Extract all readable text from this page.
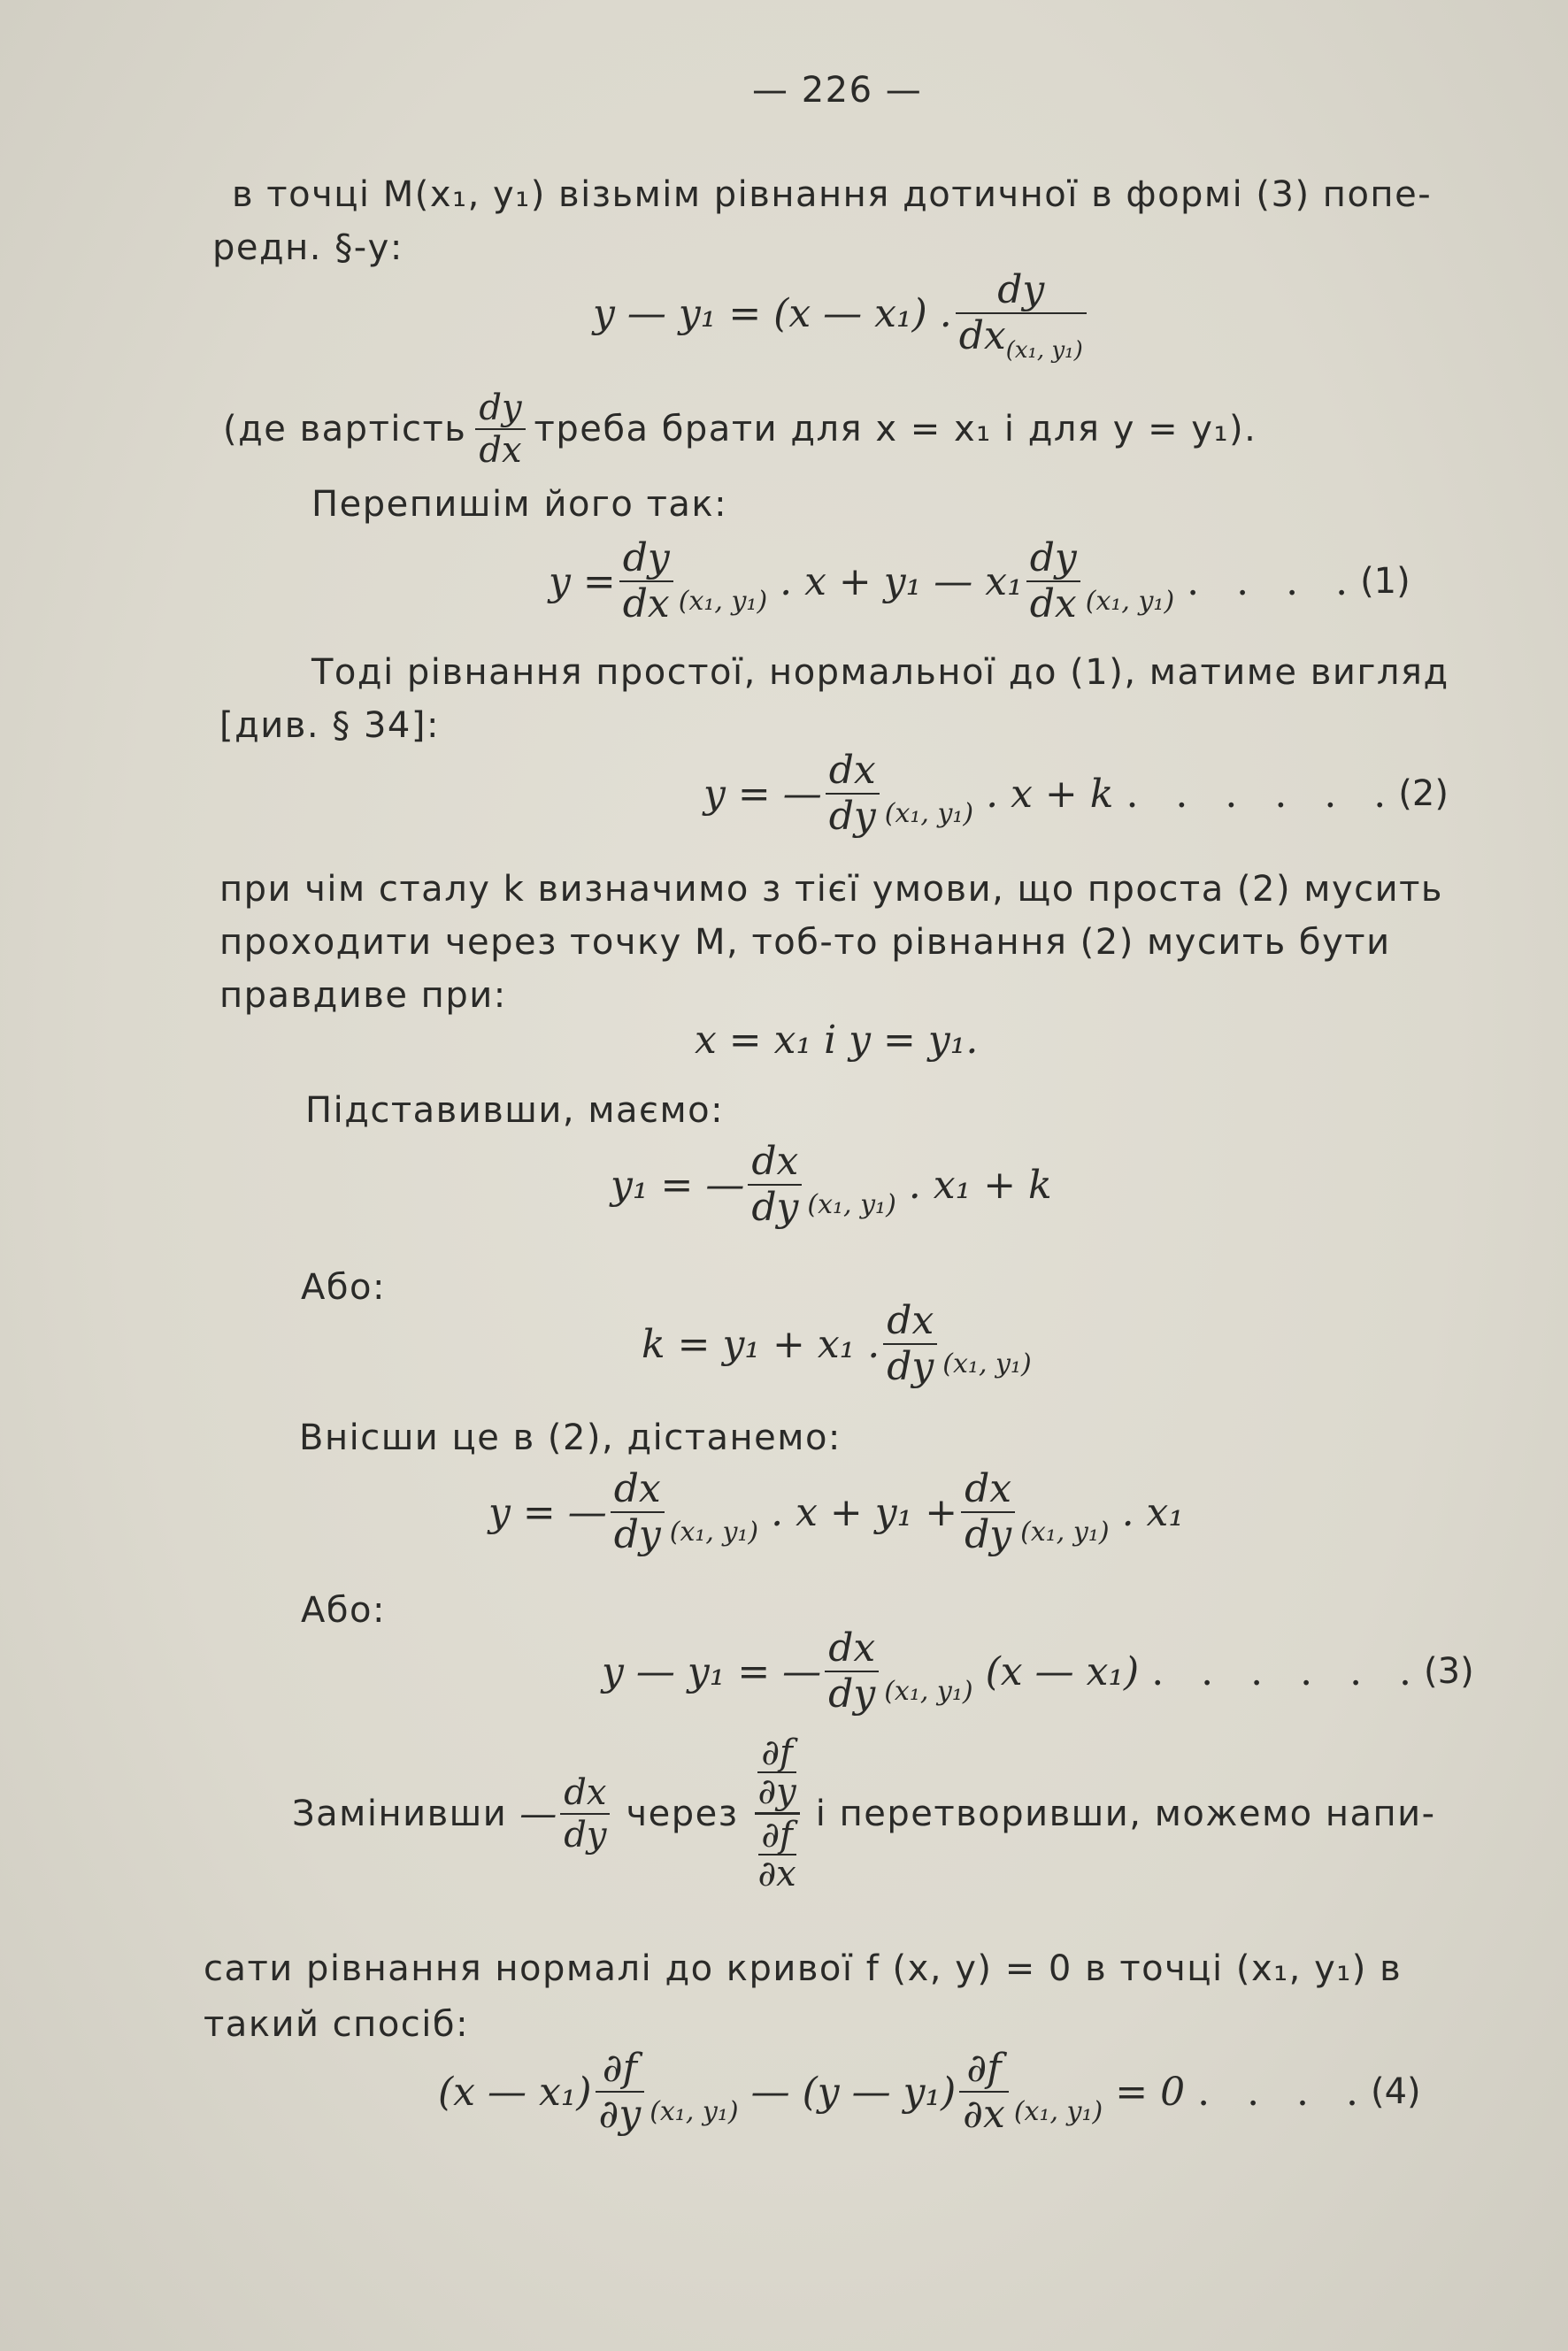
— 226 —
в точці M(x₁, y₁) візьмім рівнання дотичної в формі (3) попе-
редн. §-у:
y — y₁ = (x — x₁) . $\frac{dy}{dx_{(x_1, y_1)}}$
(де вартість $\frac{dy}{dx}$ треба брати для x = x₁ і для y = y₁).
Перепишім його так:
$y = \frac{dy}{dx} (x_1$, y₁) . x + y₁ — $x_1 \frac{dy}{dx} (x_1$, y₁) . . . . (1)
Тоді рівнання простої, нормальної до (1), матиме вигляд
[див. § 34]:
y = — $\frac{dx}{dy} (x_1$, y₁) . x + k . . . . . . (2)
при чім сталу k визначимо з тієї умови, що проста (2) мусить
проходити через точку M, тоб-то рівнання (2) мусить бути
правдиве при:
x = x₁ і y = y₁.
Підставивши, маємо:
y₁ = — $\frac{dx}{dy} (x_1$, y₁) . x₁ + k
Або:
k = y₁ + x₁ . $\frac{dx}{dy} (x_1$, y₁)
Внісши це в (2), дістанемо:
y = — $\frac{dx}{dy} (x_1$, y₁) . $x + y_1 + \frac{dx}{dy} (x_1$, y₁) . x₁
Або:
y — y₁ = — $\frac{dx}{dy} (x_1$, y₁) (x — x₁) . . . . . . (3)
Замінивши — $\frac{dx}{dy}$ через ∂f
∂y
∂f
∂x і перетворивши, можемо напи-
сати рівнання нормалі до кривої f (x, y) = 0 в точці (x₁, y₁) в
такий спосіб:
(x — $x_1) \frac{\partial f}{\partial y} (x_1$, y₁) — (y — $y_1) \frac{\partial f}{\partial x} (x_1$, y₁) = 0 . . . . (4)
